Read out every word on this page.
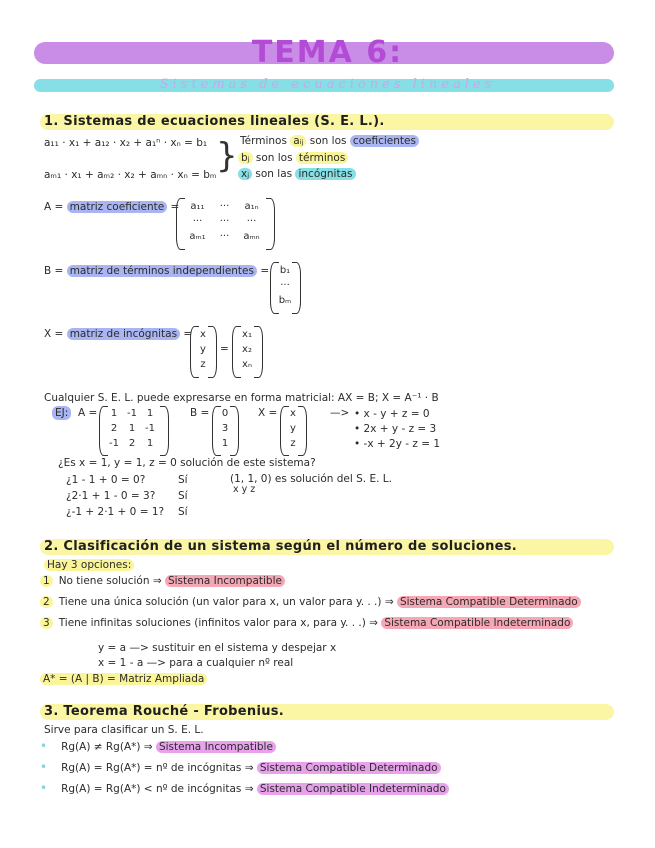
TEMA 6:
Sistemas de ecuaciones lineales
1. Sistemas de ecuaciones lineales (S. E. L.).
a₁₁ · x₁ + a₁₂ · x₂ + a₁ⁿ · xₙ = b₁
aₘ₁ · x₁ + aₘ₂ · x₂ + aₘₙ · xₙ = bₘ } Términos aᵢⱼ son los coeficientes
bⱼ son los términos
xⱼ son las incógnitas
A = matriz coeficiente =	a₁₁	···	a₁ₙ
···	···	···
aₘ₁	···	aₘₙ
B = matriz de términos independientes = b₁
···
bₘ
X = matriz de incógnitas = x
y
z
=
x₁
x₂
xₙ
Cualquier S. E. L. puede expresarse en forma matricial: AX = B; X = A⁻¹ · B
EJ: A =	1 -1 1
2	1 -1
-1 2	1
B =	0
3
1
X =	x
y
z
—> • x - y + z = 0
• 2x + y - z = 3
• -x + 2y - z = 1
¿Es x = 1, y = 1, z = 0 solución de este sistema?
¿1 - 1 + 0 = 0?	Sí
¿2·1 + 1 - 0 = 3? Sí
¿-1 + 2·1 + 0 = 1? Sí
(1, 1, 0) es solución del S. E. L.
x y z
2. Clasificación de un sistema según el número de soluciones.
Hay 3 opciones:
1 No tiene solución ⇒ Sistema Incompatible
2 Tiene una única solución (un valor para x, un valor para y. . .) ⇒ Sistema Compatible Determinado
3 Tiene infinitas soluciones (infinitos valor para x, para y. . .) ⇒ Sistema Compatible Indeterminado
y = a —> sustituir en el sistema y despejar x
x = 1 - a —> para a cualquier nº real
A* = (A | B) = Matriz Ampliada
3. Teorema Rouché - Frobenius.
Sirve para clasificar un S. E. L.
• Rg(A) ≠ Rg(A*) ⇒ Sistema Incompatible
• Rg(A) = Rg(A*) = nº de incógnitas ⇒ Sistema Compatible Determinado
• Rg(A) = Rg(A*) < nº de incógnitas ⇒ Sistema Compatible Indeterminado
